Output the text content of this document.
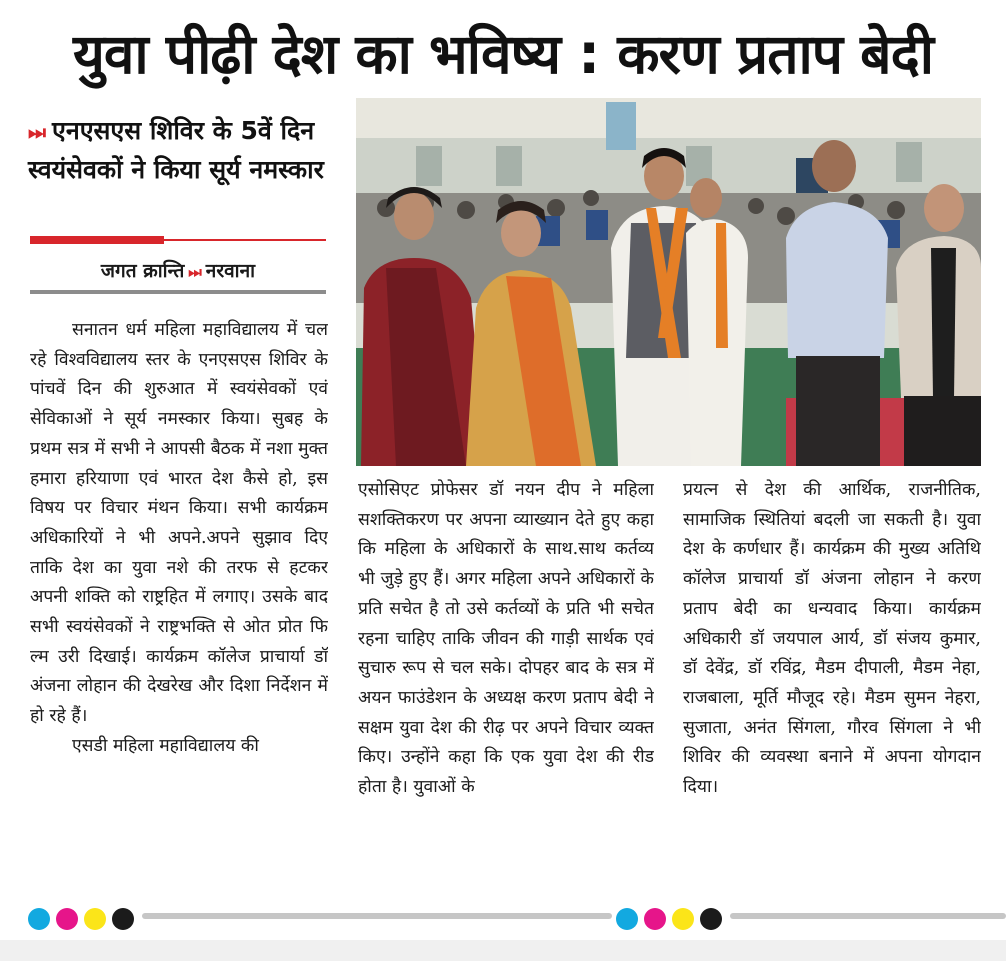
युवा पीढ़ी देश का भविष्य : करण प्रताप बेदी
⏭ एनएसएस शिविर के 5वें दिन स्वयंसेवकों ने किया सूर्य नमस्कार
जगत क्रान्ति ⏭ नरवाना

सनातन धर्म महिला महाविद्यालय में चल रहे विश्वविद्यालय स्तर के एनएसएस शिविर के पांचवें दिन की शुरुआत में स्वयंसेवकों एवं सेविकाओं ने सूर्य नमस्कार किया। सुबह के प्रथम सत्र में सभी ने आपसी बैठक में नशा मुक्त हमारा हरियाणा एवं भारत देश कैसे हो, इस विषय पर विचार मंथन किया। सभी कार्यक्रम अधिकारियों ने भी अपने.अपने सुझाव दिए ताकि देश का युवा नशे की तरफ से हटकर अपनी शक्ति को राष्ट्रहित में लगाए। उसके बाद सभी स्वयंसेवकों ने राष्ट्रभक्ति से ओत प्रोत फि ल्म उरी दिखाई। कार्यक्रम कॉलेज प्राचार्या डॉ अंजना लोहान की देखरेख और दिशा निर्देशन में हो रहे हैं।

एसडी महिला महाविद्यालय की

एसोसिएट प्रोफेसर डॉ नयन दीप ने महिला सशक्तिकरण पर अपना व्याख्यान देते हुए कहा कि महिला के अधिकारों के साथ.साथ कर्तव्य भी जुड़े हुए हैं। अगर महिला अपने अधिकारों के प्रति सचेत है तो उसे कर्तव्यों के प्रति भी सचेत रहना चाहिए ताकि जीवन की गाड़ी सार्थक एवं सुचारु रूप से चल सके। दोपहर बाद के सत्र में अयन फाउंडेशन के अध्यक्ष करण प्रताप बेदी ने सक्षम युवा देश की रीढ़ पर अपने विचार व्यक्त किए। उन्होंने कहा कि एक युवा देश की रीड होता है। युवाओं के

प्रयत्न से देश की आर्थिक, राजनीतिक, सामाजिक स्थितियां बदली जा सकती है। युवा देश के कर्णधार हैं। कार्यक्रम की मुख्य अतिथि कॉलेज प्राचार्या डॉ अंजना लोहान ने करण प्रताप बेदी का धन्यवाद किया। कार्यक्रम अधिकारी डॉ जयपाल आर्य, डॉ संजय कुमार, डॉ देवेंद्र, डॉ रविंद्र, मैडम दीपाली, मैडम नेहा, राजबाला, मूर्ति मौजूद रहे। मैडम सुमन नेहरा, सुजाता, अनंत सिंगला, गौरव सिंगला ने भी शिविर की व्यवस्था बनाने में अपना योगदान दिया।
